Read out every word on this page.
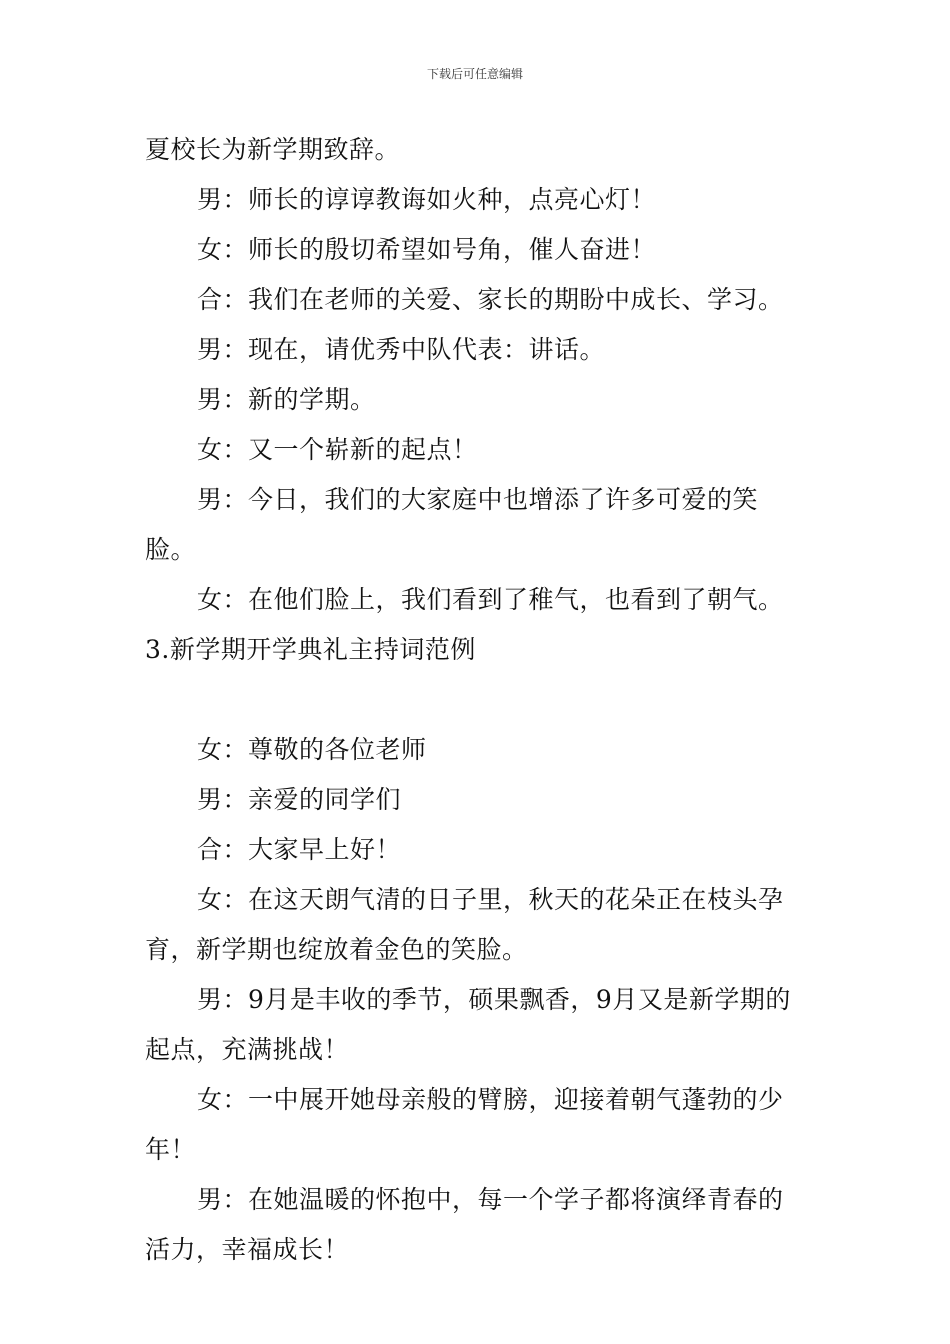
下载后可任意编辑

夏校长为新学期致辞。

男：师长的谆谆教诲如火种，点亮心灯！

女：师长的殷切希望如号角，催人奋进！

合：我们在老师的关爱、家长的期盼中成长、学习。

男：现在，请优秀中队代表：讲话。

男：新的学期。

女：又一个崭新的起点！

男：今日，我们的大家庭中也增添了许多可爱的笑脸。

女：在他们脸上，我们看到了稚气，也看到了朝气。

3.新学期开学典礼主持词范例

女：尊敬的各位老师

男：亲爱的同学们

合：大家早上好！

女：在这天朗气清的日子里，秋天的花朵正在枝头孕育，新学期也绽放着金色的笑脸。

男：9月是丰收的季节，硕果飘香，9月又是新学期的起点，充满挑战！

女：一中展开她母亲般的臂膀，迎接着朝气蓬勃的少年！

男：在她温暖的怀抱中，每一个学子都将演绎青春的活力，幸福成长！
